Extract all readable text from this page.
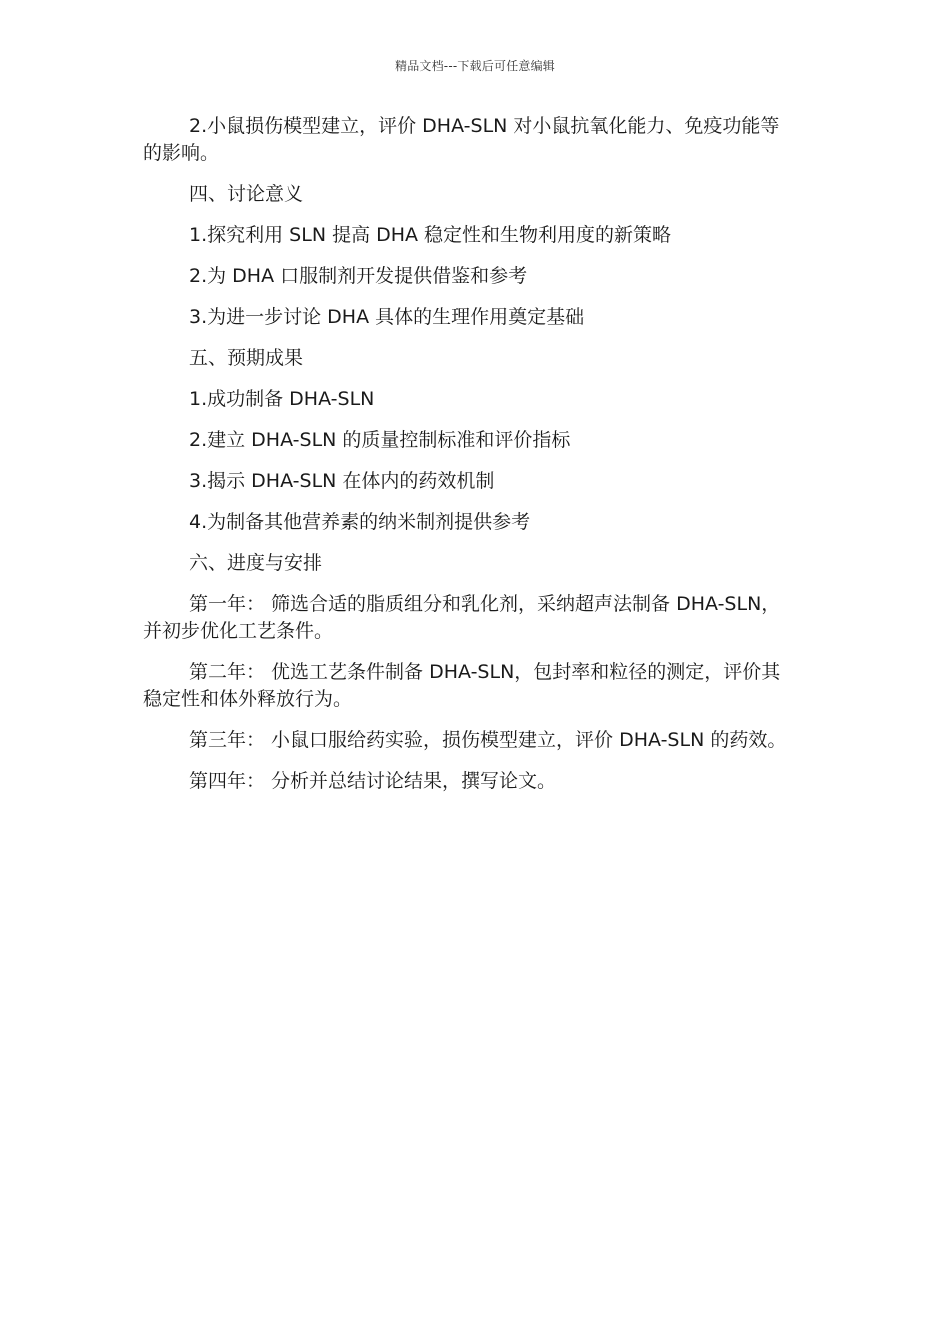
精品文档---下载后可任意编辑

2.小鼠损伤模型建立，评价 DHA-SLN 对小鼠抗氧化能力、免疫功能等的影响。

四、讨论意义

1.探究利用 SLN 提高 DHA 稳定性和生物利用度的新策略

2.为 DHA 口服制剂开发提供借鉴和参考

3.为进一步讨论 DHA 具体的生理作用奠定基础

五、预期成果

1.成功制备 DHA-SLN

2.建立 DHA-SLN 的质量控制标准和评价指标

3.揭示 DHA-SLN 在体内的药效机制

4.为制备其他营养素的纳米制剂提供参考

六、进度与安排

第一年： 筛选合适的脂质组分和乳化剂，采纳超声法制备 DHA-SLN，并初步优化工艺条件。

第二年： 优选工艺条件制备 DHA-SLN，包封率和粒径的测定，评价其稳定性和体外释放行为。

第三年： 小鼠口服给药实验，损伤模型建立，评价 DHA-SLN 的药效。

第四年： 分析并总结讨论结果，撰写论文。
